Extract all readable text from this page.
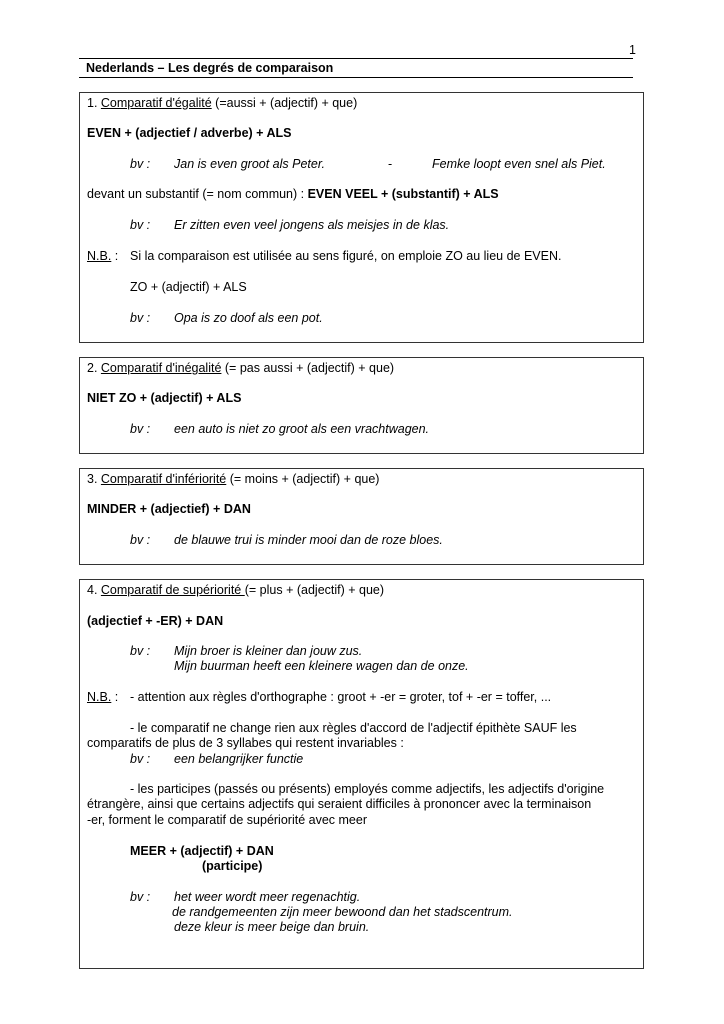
1
Nederlands – Les degrés de comparaison
1. Comparatif d'égalité (=aussi + (adjectif) + que)
EVEN + (adjectief / adverbe) + ALS
bv : Jan is even groot als Peter.	-	Femke loopt even snel als Piet.
devant un substantif (= nom commun) : EVEN VEEL + (substantif) + ALS
bv : Er zitten even veel jongens als meisjes in de klas.
N.B. : Si la comparaison est utilisée au sens figuré, on emploie ZO au lieu de EVEN.
ZO + (adjectif) + ALS
bv : Opa is zo doof als een pot.
2. Comparatif d'inégalité (= pas aussi + (adjectif) + que)
NIET ZO + (adjectif) + ALS
bv : een auto is niet zo groot als een vrachtwagen.
3. Comparatif d'infériorité (= moins + (adjectif) + que)
MINDER + (adjectief) + DAN
bv : de blauwe trui is minder mooi dan de roze bloes.
4. Comparatif de supériorité (= plus + (adjectif) + que)
(adjectief + -ER) + DAN
bv : Mijn broer is kleiner dan jouw zus.
Mijn buurman heeft een kleinere wagen dan de onze.
N.B. : - attention aux règles d'orthographe : groot + -er = groter, tof + -er = toffer, ...
- le comparatif ne change rien aux règles d'accord de l'adjectif épithète SAUF les
comparatifs de plus de 3 syllabes qui restent invariables :
bv : een belangrijker functie
- les participes (passés ou présents) employés comme adjectifs, les adjectifs d'origine
étrangère, ainsi que certains adjectifs qui seraient difficiles à prononcer avec la terminaison
-er, forment le comparatif de supériorité avec meer
MEER + (adjectif) + DAN
(participe)
bv : het weer wordt meer regenachtig.
de randgemeenten zijn meer bewoond dan het stadscentrum.
deze kleur is meer beige dan bruin.
